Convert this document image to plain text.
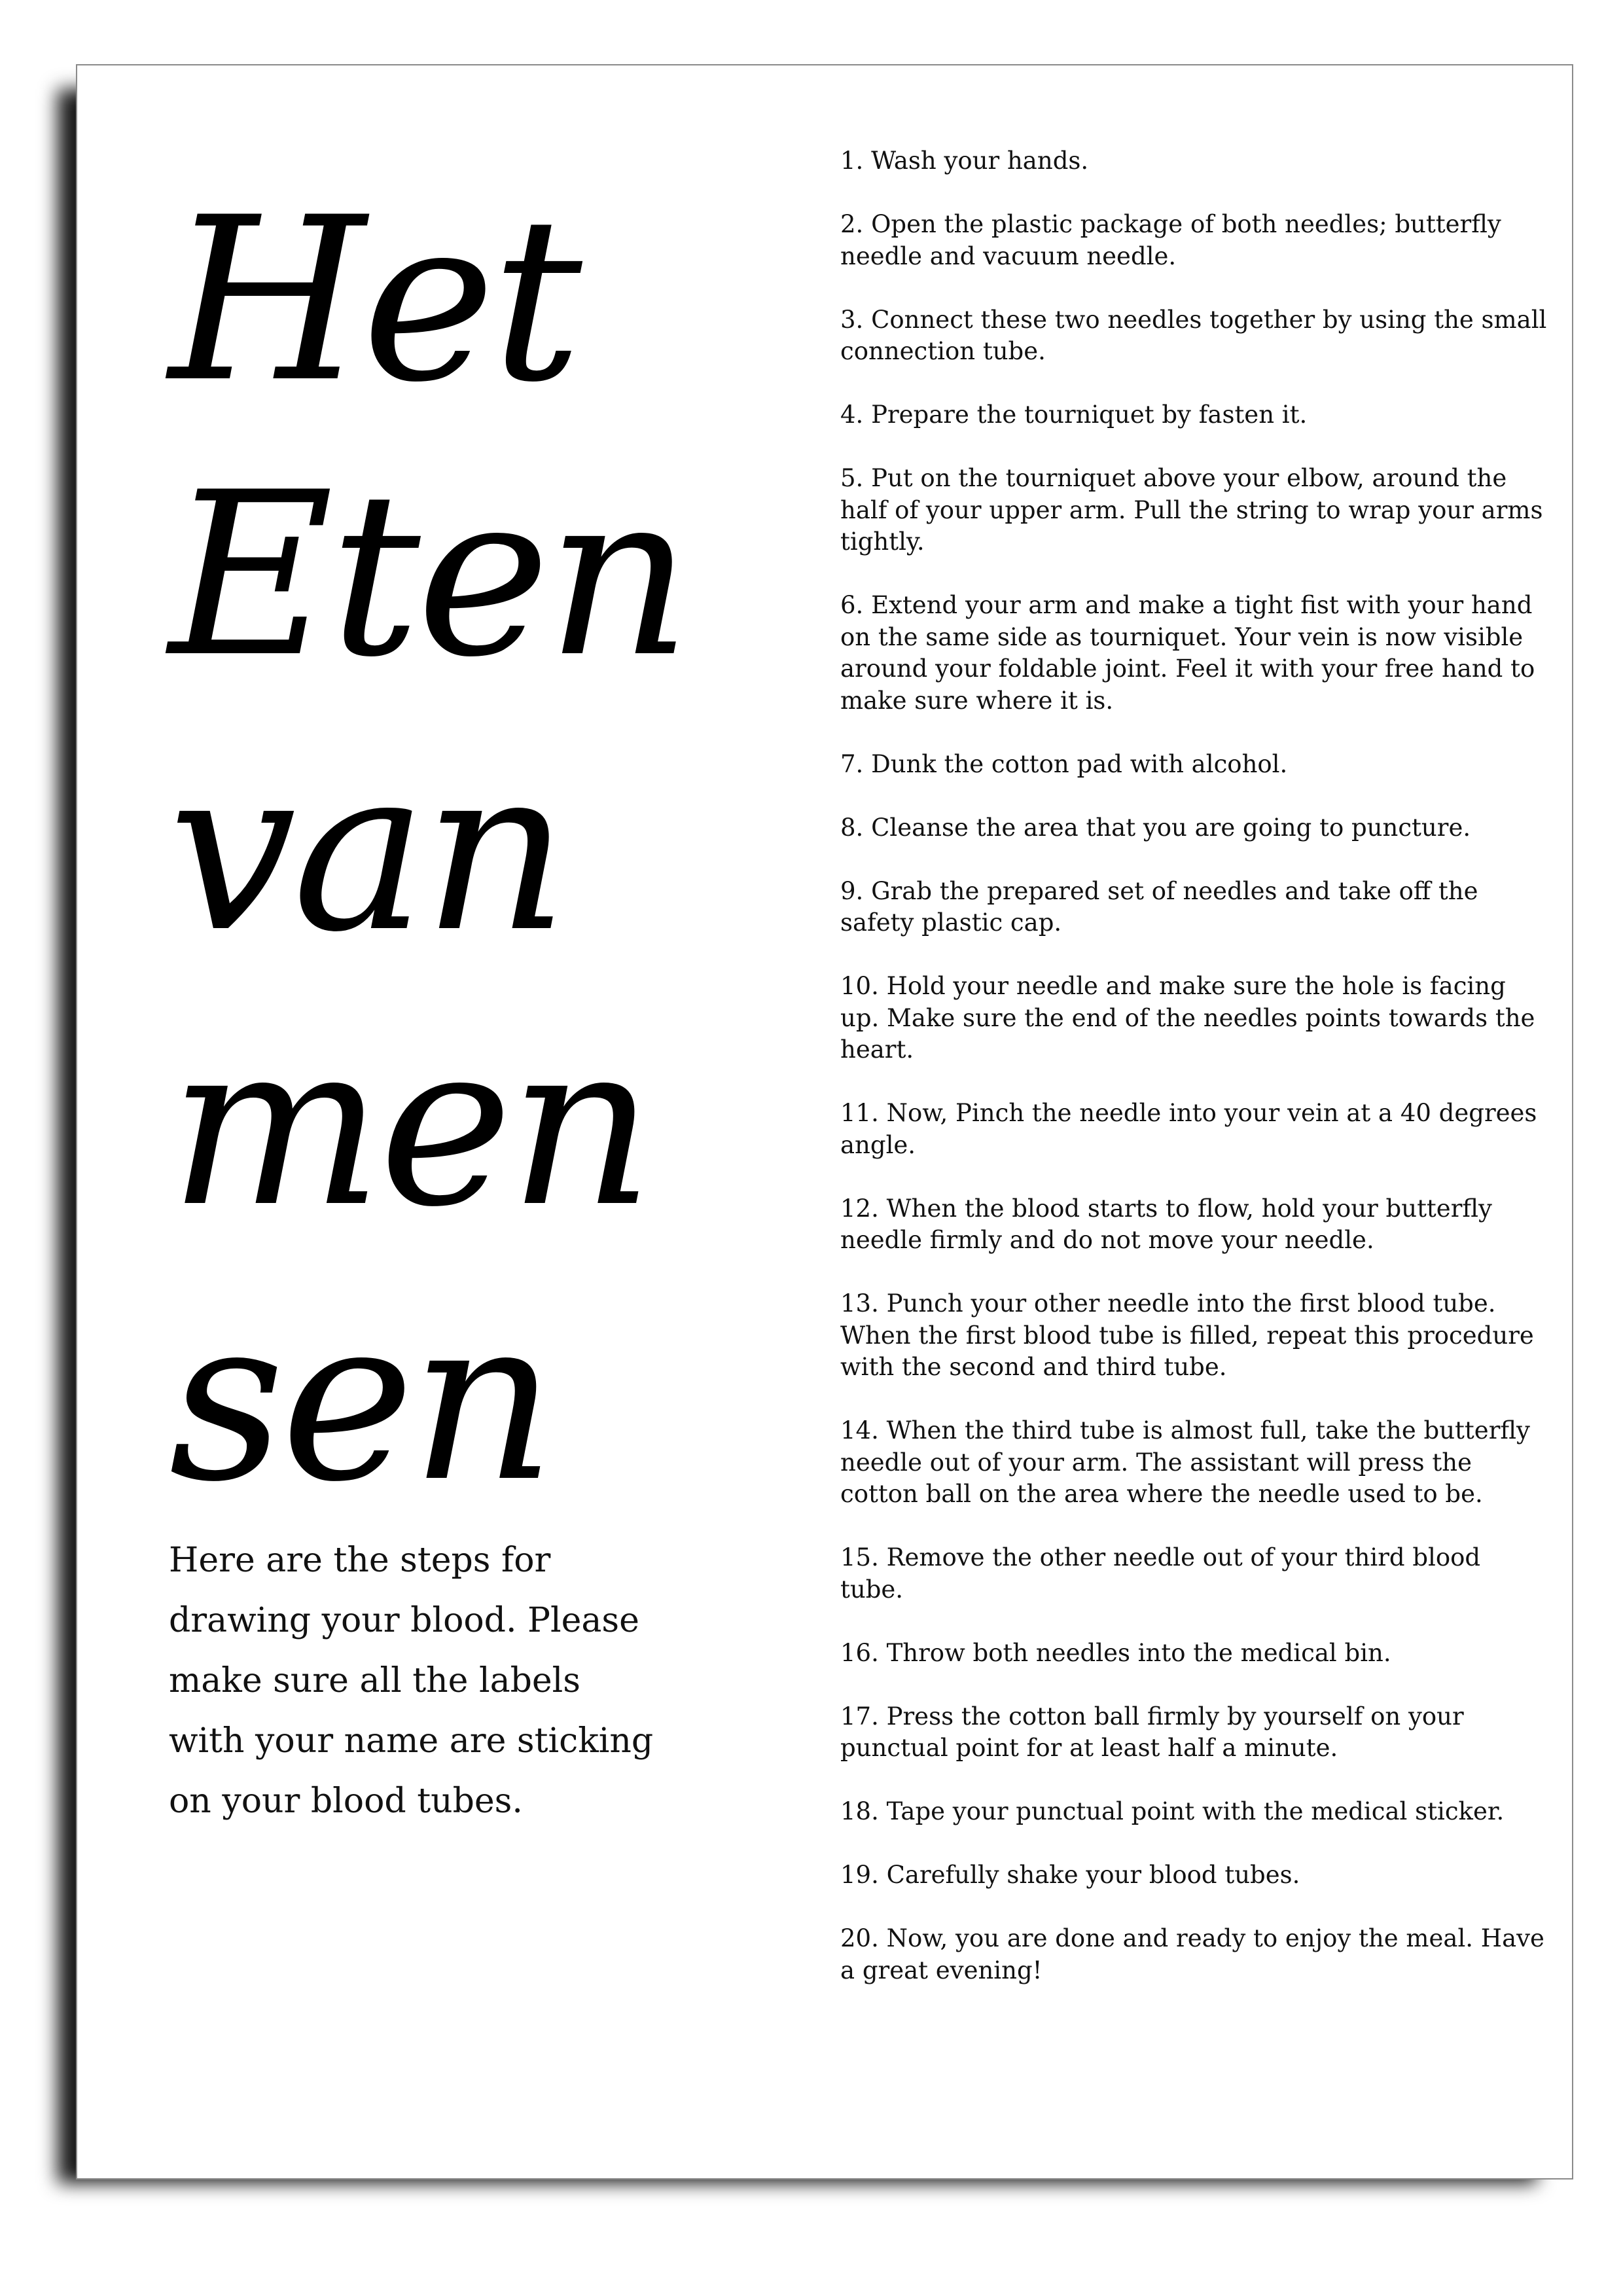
Het
Eten
van
men
sen

Here are the steps for drawing your blood. Please make sure all the labels with your name are sticking on your blood tubes.

1. Wash your hands.
2. Open the plastic package of both needles; butterfly needle and vacuum needle.
3. Connect these two needles together by using the small connection tube.
4. Prepare the tourniquet by fasten it.
5. Put on the tourniquet above your elbow, around the half of your upper arm. Pull the string to wrap your arms tightly.
6. Extend your arm and make a tight fist with your hand on the same side as tourniquet. Your vein is now visible around your foldable joint. Feel it with your free hand to make sure where it is.
7. Dunk the cotton pad with alcohol.
8. Cleanse the area that you are going to puncture.
9. Grab the prepared set of needles and take off the safety plastic cap.
10. Hold your needle and make sure the hole is facing up. Make sure the end of the needles points towards the heart.
11. Now, Pinch the needle into your vein at a 40 degrees angle.
12. When the blood starts to flow, hold your butterfly needle firmly and do not move your needle.
13. Punch your other needle into the first blood tube. When the first blood tube is filled, repeat this procedure with the second and third tube.
14. When the third tube is almost full, take the butterfly needle out of your arm. The assistant will press the cotton ball on the area where the needle used to be.
15. Remove the other needle out of your third blood tube.
16. Throw both needles into the medical bin.
17. Press the cotton ball firmly by yourself on your punctual point for at least half a minute.
18. Tape your punctual point with the medical sticker.
19. Carefully shake your blood tubes.
20. Now, you are done and ready to enjoy the meal. Have a great evening!
